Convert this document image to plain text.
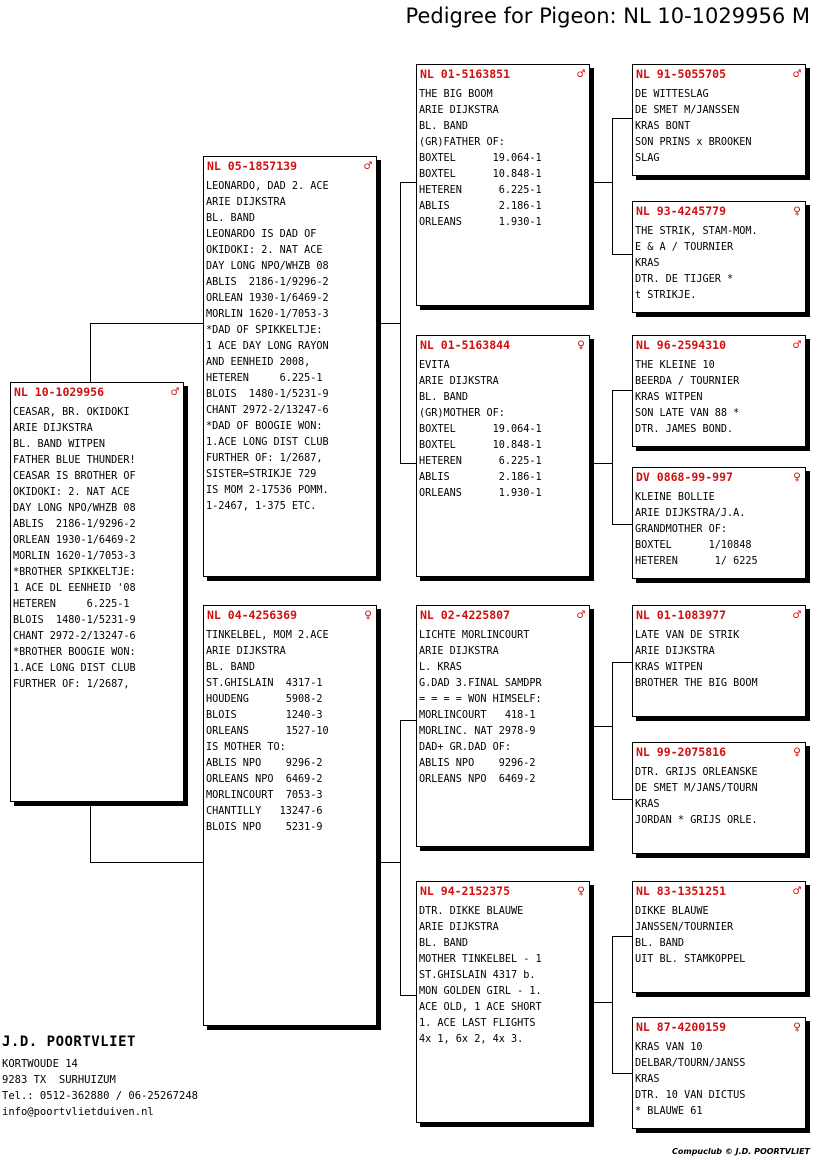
Pedigree for Pigeon: NL 10-1029956 M
NL 10-1029956	♂
CEASAR, BR. OKIDOKI
ARIE DIJKSTRA
BL. BAND WITPEN
FATHER BLUE THUNDER!
CEASAR IS BROTHER OF
OKIDOKI: 2. NAT ACE
DAY LONG NPO/WHZB 08
ABLIS  2186-1/9296-2
ORLEAN 1930-1/6469-2
MORLIN 1620-1/7053-3
*BROTHER SPIKKELTJE:
1 ACE DL EENHEID '08
HETEREN     6.225-1
BLOIS  1480-1/5231-9
CHANT 2972-2/13247-6
*BROTHER BOOGIE WON:
1.ACE LONG DIST CLUB
FURTHER OF: 1/2687,
NL 05-1857139	♂
LEONARDO, DAD 2. ACE
ARIE DIJKSTRA
BL. BAND
LEONARDO IS DAD OF
OKIDOKI: 2. NAT ACE
DAY LONG NPO/WHZB 08
ABLIS  2186-1/9296-2
ORLEAN 1930-1/6469-2
MORLIN 1620-1/7053-3
*DAD OF SPIKKELTJE:
1 ACE DAY LONG RAYON
AND EENHEID 2008,
HETEREN     6.225-1
BLOIS  1480-1/5231-9
CHANT 2972-2/13247-6
*DAD OF BOOGIE WON:
1.ACE LONG DIST CLUB
FURTHER OF: 1/2687,
SISTER=STRIKJE 729
IS MOM 2-17536 POMM.
1-2467, 1-375 ETC.
NL 04-4256369	♀
TINKELBEL, MOM 2.ACE
ARIE DIJKSTRA
BL. BAND
ST.GHISLAIN  4317-1
HOUDENG      5908-2
BLOIS        1240-3
ORLEANS      1527-10
IS MOTHER TO:
ABLIS NPO    9296-2
ORLEANS NPO  6469-2
MORLINCOURT  7053-3
CHANTILLY   13247-6
BLOIS NPO    5231-9
NL 01-5163851	♂
THE BIG BOOM
ARIE DIJKSTRA
BL. BAND
(GR)FATHER OF:
BOXTEL      19.064-1
BOXTEL      10.848-1
HETEREN      6.225-1
ABLIS        2.186-1
ORLEANS      1.930-1
NL 01-5163844	♀
EVITA
ARIE DIJKSTRA
BL. BAND
(GR)MOTHER OF:
BOXTEL      19.064-1
BOXTEL      10.848-1
HETEREN      6.225-1
ABLIS        2.186-1
ORLEANS      1.930-1
NL 02-4225807	♂
LICHTE MORLINCOURT
ARIE DIJKSTRA
L. KRAS
G.DAD 3.FINAL SAMDPR
= = = = WON HIMSELF:
MORLINCOURT   418-1
MORLINC. NAT 2978-9
DAD+ GR.DAD OF:
ABLIS NPO    9296-2
ORLEANS NPO  6469-2
NL 94-2152375	♀
DTR. DIKKE BLAUWE
ARIE DIJKSTRA
BL. BAND
MOTHER TINKELBEL - 1
ST.GHISLAIN 4317 b.
MON GOLDEN GIRL - 1.
ACE OLD, 1 ACE SHORT
1. ACE LAST FLIGHTS
4x 1, 6x 2, 4x 3.
NL 91-5055705	♂
DE WITTESLAG
DE SMET M/JANSSEN
KRAS BONT
SON PRINS x BROOKEN
SLAG
NL 93-4245779	♀
THE STRIK, STAM-MOM.
E & A / TOURNIER
KRAS
DTR. DE TIJGER *
t STRIKJE.
NL 96-2594310	♂
THE KLEINE 10
BEERDA / TOURNIER
KRAS WITPEN
SON LATE VAN 88 *
DTR. JAMES BOND.
DV 0868-99-997	♀
KLEINE BOLLIE
ARIE DIJKSTRA/J.A.
GRANDMOTHER OF:
BOXTEL      1/10848
HETEREN      1/ 6225
NL 01-1083977	♂
LATE VAN DE STRIK
ARIE DIJKSTRA
KRAS WITPEN
BROTHER THE BIG BOOM
NL 99-2075816	♀
DTR. GRIJS ORLEANSKE
DE SMET M/JANS/TOURN
KRAS
JORDAN * GRIJS ORLE.
NL 83-1351251	♂
DIKKE BLAUWE
JANSSEN/TOURNIER
BL. BAND
UIT BL. STAMKOPPEL
NL 87-4200159	♀
KRAS VAN 10
DELBAR/TOURN/JANSS
KRAS
DTR. 10 VAN DICTUS
* BLAUWE 61
J.D. POORTVLIET
KORTWOUDE 14
9283 TX  SURHUIZUM
Tel.: 0512-362880 / 06-25267248
info@poortvlietduiven.nl
Compuclub © J.D. POORTVLIET
